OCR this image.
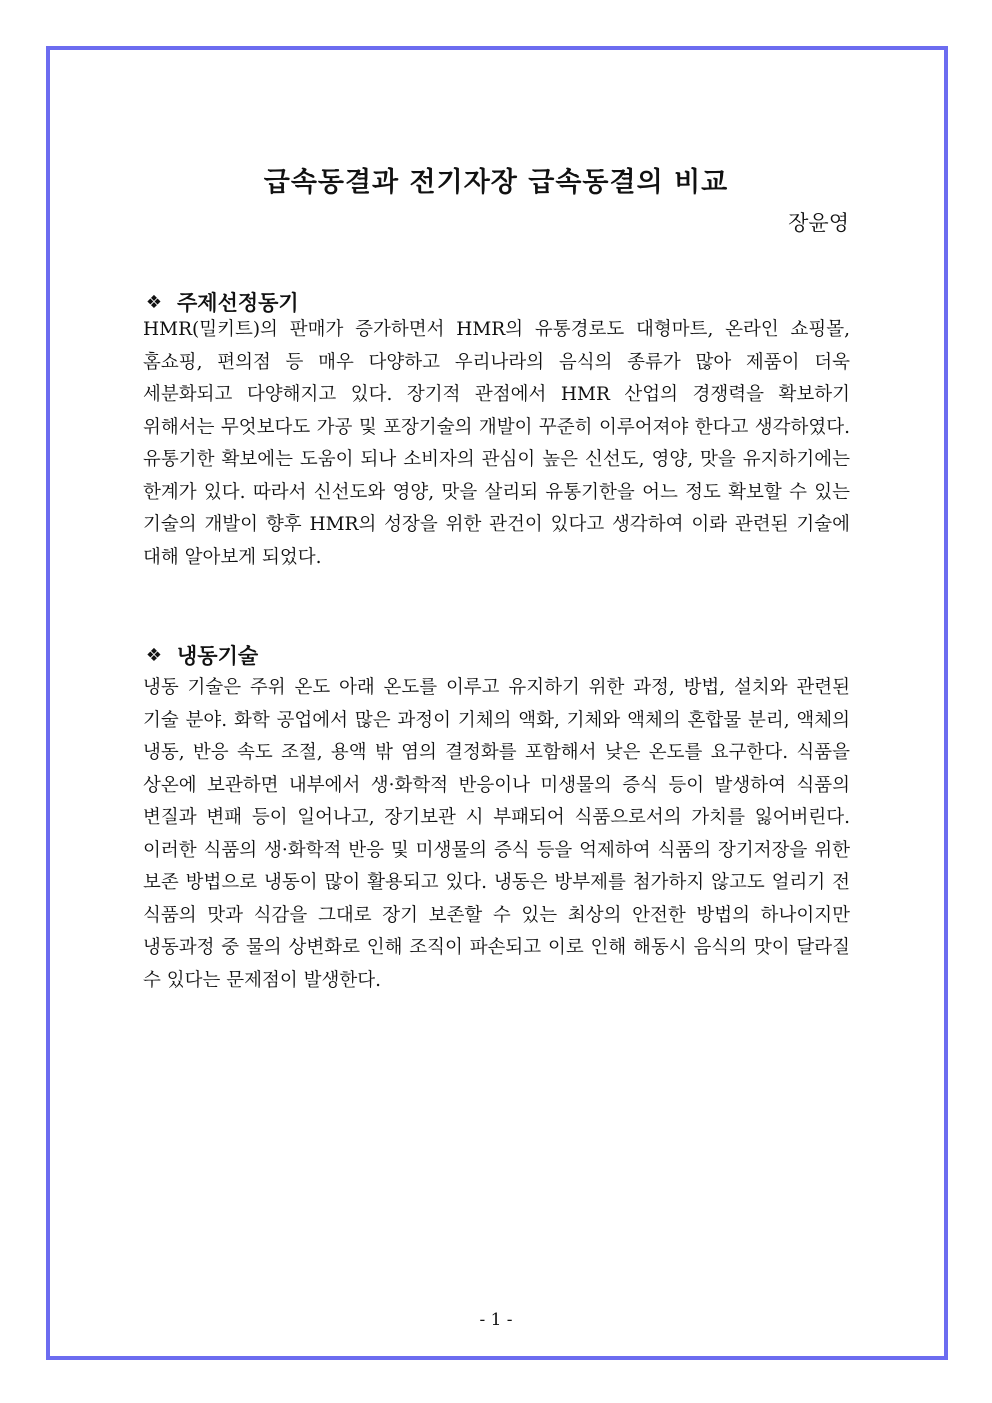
급속동결과 전기자장 급속동결의 비교

장윤영

❖ 주제선정동기

HMR(밀키트)의 판매가 증가하면서 HMR의 유통경로도 대형마트, 온라인 쇼핑몰, 홈쇼핑, 편의점 등 매우 다양하고 우리나라의 음식의 종류가 많아 제품이 더욱 세분화되고 다양해지고 있다. 장기적 관점에서 HMR 산업의 경쟁력을 확보하기 위해서는 무엇보다도 가공 및 포장기술의 개발이 꾸준히 이루어져야 한다고 생각하였다. 유통기한 확보에는 도움이 되나 소비자의 관심이 높은 신선도, 영양, 맛을 유지하기에는 한계가 있다. 따라서 신선도와 영양, 맛을 살리되 유통기한을 어느 정도 확보할 수 있는 기술의 개발이 향후 HMR의 성장을 위한 관건이 있다고 생각하여 이롸 관련된 기술에 대해 알아보게 되었다.

❖ 냉동기술

냉동 기술은 주위 온도 아래 온도를 이루고 유지하기 위한 과정, 방법, 설치와 관련된 기술 분야. 화학 공업에서 많은 과정이 기체의 액화, 기체와 액체의 혼합물 분리, 액체의 냉동, 반응 속도 조절, 용액 밖 염의 결정화를 포함해서 낮은 온도를 요구한다. 식품을 상온에 보관하면 내부에서 생·화학적 반응이나 미생물의 증식 등이 발생하여 식품의 변질과 변패 등이 일어나고, 장기보관 시 부패되어 식품으로서의 가치를 잃어버린다. 이러한 식품의 생·화학적 반응 및 미생물의 증식 등을 억제하여 식품의 장기저장을 위한 보존 방법으로 냉동이 많이 활용되고 있다. 냉동은 방부제를 첨가하지 않고도 얼리기 전 식품의 맛과 식감을 그대로 장기 보존할 수 있는 최상의 안전한 방법의 하나이지만 냉동과정 중 물의 상변화로 인해 조직이 파손되고 이로 인해 해동시 음식의 맛이 달라질 수 있다는 문제점이 발생한다.

- 1 -
